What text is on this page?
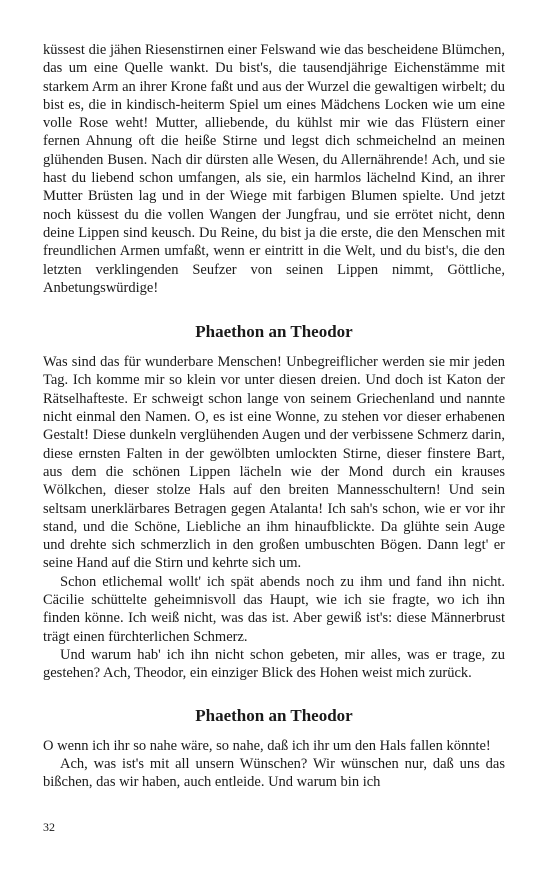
küssest die jähen Riesenstirnen einer Felswand wie das bescheidene Blümchen, das um eine Quelle wankt. Du bist's, die tausendjährige Eichenstämme mit starkem Arm an ihrer Krone faßt und aus der Wurzel die gewaltigen wirbelt; du bist es, die in kindisch-heiterm Spiel um eines Mädchens Locken wie um eine volle Rose weht! Mutter, alliebende, du kühlst mir wie das Flüstern einer fernen Ahnung oft die heiße Stirne und legst dich schmeichelnd an meinen glühenden Busen. Nach dir dürsten alle Wesen, du Allernährende! Ach, und sie hast du liebend schon umfangen, als sie, ein harmlos lächelnd Kind, an ihrer Mutter Brüsten lag und in der Wiege mit farbigen Blumen spielte. Und jetzt noch küssest du die vollen Wangen der Jungfrau, und sie errötet nicht, denn deine Lippen sind keusch. Du Reine, du bist ja die erste, die den Menschen mit freundlichen Armen umfaßt, wenn er eintritt in die Welt, und du bist's, die den letzten verklingenden Seufzer von seinen Lippen nimmt, Göttliche, Anbetungswürdige!

Phaethon an Theodor

Was sind das für wunderbare Menschen! Unbegreiflicher werden sie mir jeden Tag. Ich komme mir so klein vor unter diesen dreien. Und doch ist Katon der Rätselhafteste. Er schweigt schon lange von seinem Griechenland und nannte nicht einmal den Namen. O, es ist eine Wonne, zu stehen vor dieser erhabenen Gestalt! Diese dunkeln verglühenden Augen und der verbissene Schmerz darin, diese ernsten Falten in der gewölbten umlockten Stirne, dieser finstere Bart, aus dem die schönen Lippen lächeln wie der Mond durch ein krauses Wölkchen, dieser stolze Hals auf den breiten Mannesschultern! Und sein seltsam unerklärbares Betragen gegen Atalanta! Ich sah's schon, wie er vor ihr stand, und die Schöne, Liebliche an ihm hinaufblickte. Da glühte sein Auge und drehte sich schmerzlich in den großen umbuschten Bögen. Dann legt' er seine Hand auf die Stirn und kehrte sich um.

Schon etlichemal wollt' ich spät abends noch zu ihm und fand ihn nicht. Cäcilie schüttelte geheimnisvoll das Haupt, wie ich sie fragte, wo ich ihn finden könne. Ich weiß nicht, was das ist. Aber gewiß ist's: diese Männerbrust trägt einen fürchterlichen Schmerz.

Und warum hab' ich ihn nicht schon gebeten, mir alles, was er trage, zu gestehen? Ach, Theodor, ein einziger Blick des Hohen weist mich zurück.

Phaethon an Theodor

O wenn ich ihr so nahe wäre, so nahe, daß ich ihr um den Hals fallen könnte!

Ach, was ist's mit all unsern Wünschen? Wir wünschen nur, daß uns das bißchen, das wir haben, auch entleide. Und warum bin ich

32
